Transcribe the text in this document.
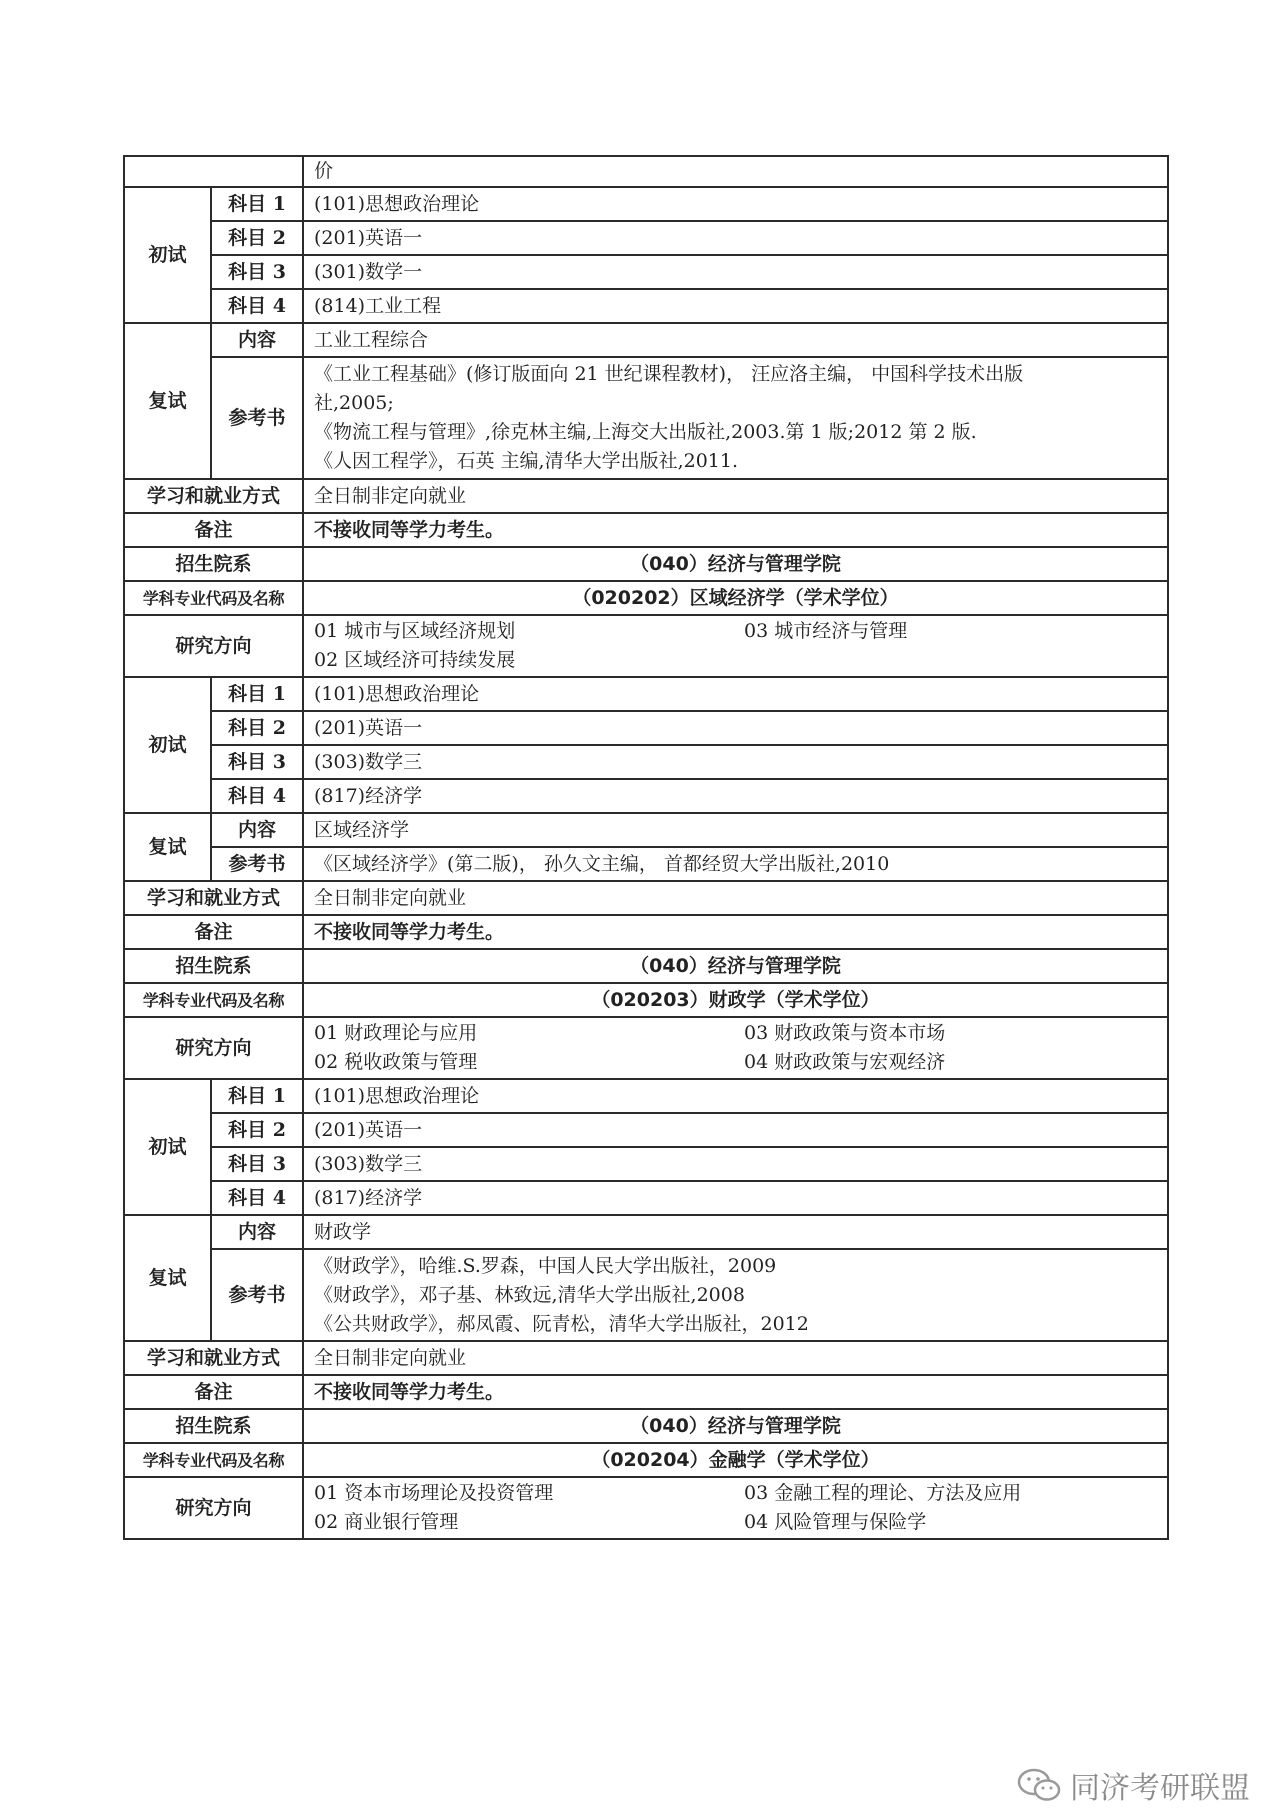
		价
初试	科目 1	(101)思想政治理论
	科目 2	(201)英语一
	科目 3	(301)数学一
	科目 4	(814)工业工程
复试	内容	工业工程综合
	参考书	《工业工程基础》(修订版面向 21 世纪课程教材)， 汪应洛主编， 中国科学技术出版
社,2005;
《物流工程与管理》,徐克林主编,上海交大出版社,2003.第 1 版;2012 第 2 版.
《人因工程学》，石英 主编,清华大学出版社,2011.

学习和就业方式		全日制非定向就业
备注		不接收同等学力考生。
招生院系		（040）经济与管理学院
学科专业代码及名称		（020202）区域经济学（学术学位）
研究方向		01 城市与区域经济规划 03 城市经济与管理
02 区域经济可持续发展

初试	科目 1	(101)思想政治理论
	科目 2	(201)英语一
	科目 3	(303)数学三
	科目 4	(817)经济学
复试	内容	区域经济学
	参考书	《区域经济学》(第二版)， 孙久文主编， 首都经贸大学出版社,2010
学习和就业方式		全日制非定向就业
备注		不接收同等学力考生。
招生院系		（040）经济与管理学院
学科专业代码及名称		（020203）财政学（学术学位）
研究方向		01 财政理论与应用 03 财政政策与资本市场
02 税收政策与管理 04 财政政策与宏观经济

初试	科目 1	(101)思想政治理论
	科目 2	(201)英语一
	科目 3	(303)数学三
	科目 4	(817)经济学
复试	内容	财政学
	参考书	《财政学》，哈维.S.罗森，中国人民大学出版社，2009
《财政学》，邓子基、林致远,清华大学出版社,2008
《公共财政学》，郝凤霞、阮青松，清华大学出版社，2012

学习和就业方式		全日制非定向就业
备注		不接收同等学力考生。
招生院系		（040）经济与管理学院
学科专业代码及名称		（020204）金融学（学术学位）
研究方向		01 资本市场理论及投资管理 03 金融工程的理论、方法及应用
02 商业银行管理 04 风险管理与保险学
同济考研联盟
